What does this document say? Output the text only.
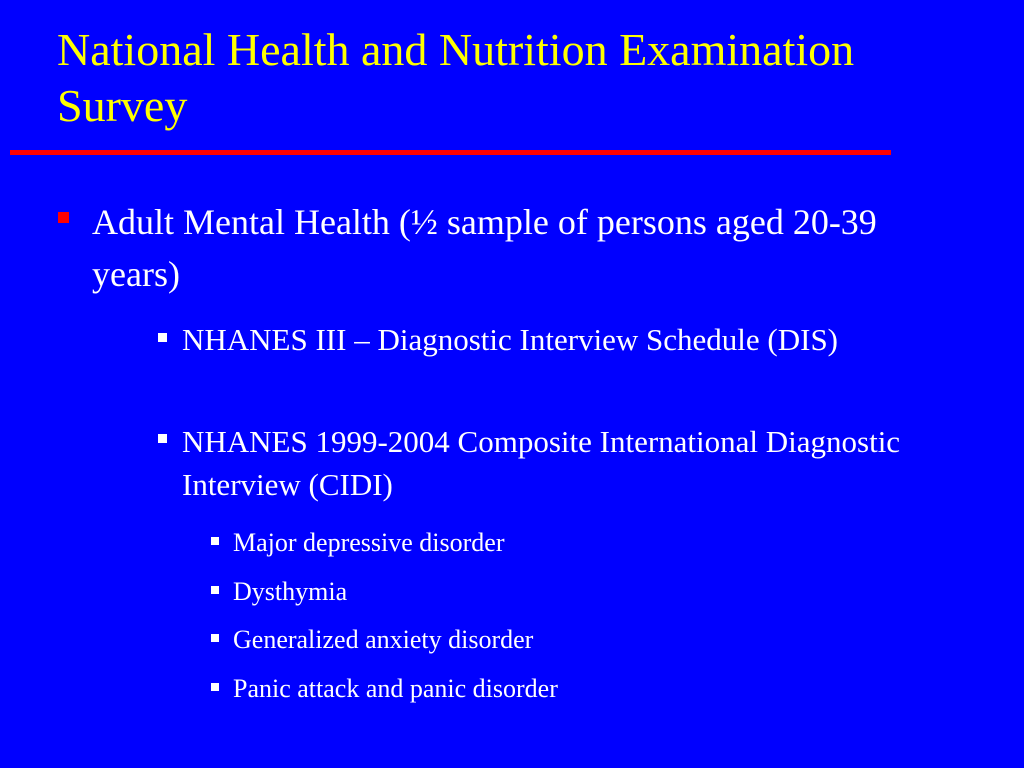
National Health and Nutrition Examination Survey
Adult Mental Health (½ sample of persons aged 20-39 years)
NHANES III – Diagnostic Interview Schedule (DIS)
NHANES 1999-2004 Composite International Diagnostic Interview (CIDI)
Major depressive disorder
Dysthymia
Generalized anxiety disorder
Panic attack and panic disorder
